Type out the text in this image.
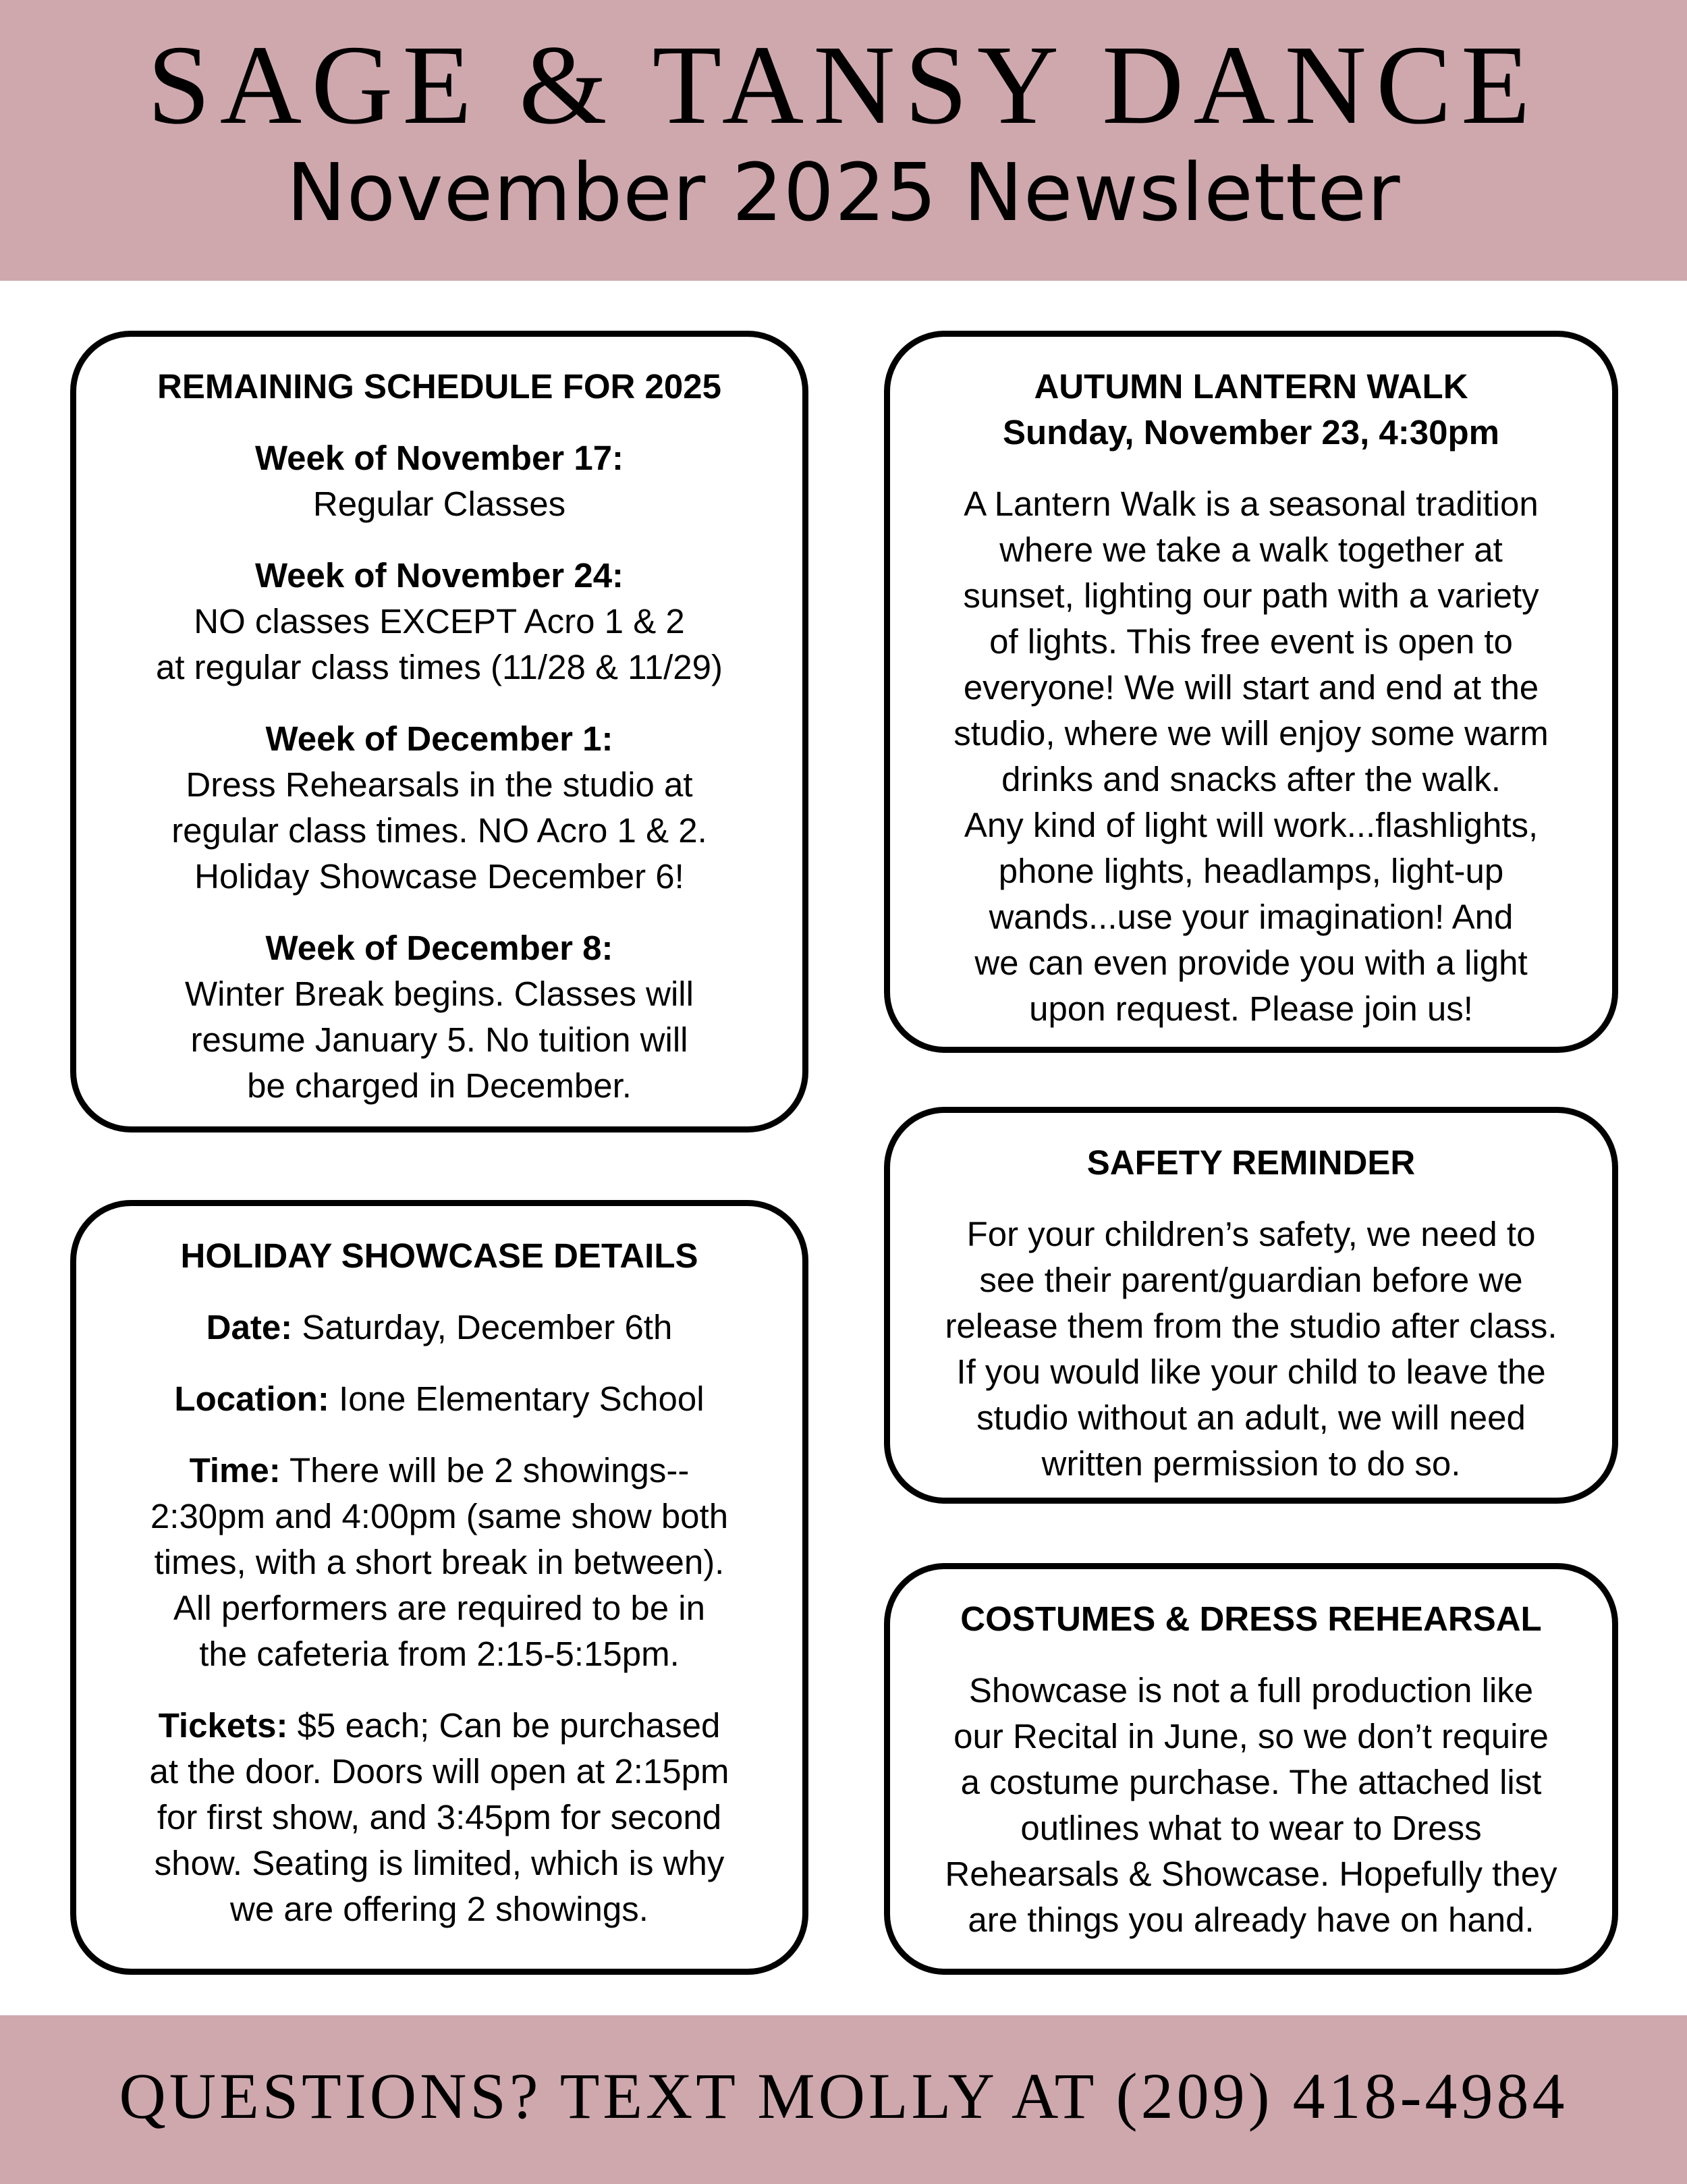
SAGE & TANSY DANCE
November 2025 Newsletter
REMAINING SCHEDULE FOR 2025

Week of November 17:

Regular Classes

Week of November 24:

NO classes EXCEPT Acro 1 & 2

at regular class times (11/28 & 11/29)

Week of December 1:

Dress Rehearsals in the studio at

regular class times. NO Acro 1 & 2.

Holiday Showcase December 6!

Week of December 8:

Winter Break begins. Classes will

resume January 5. No tuition will

be charged in December.

AUTUMN LANTERN WALK
Sunday, November 23, 4:30pm

A Lantern Walk is a seasonal tradition

where we take a walk together at

sunset, lighting our path with a variety

of lights. This free event is open to

everyone! We will start and end at the

studio, where we will enjoy some warm

drinks and snacks after the walk.

Any kind of light will work...flashlights,

phone lights, headlamps, light-up

wands...use your imagination! And

we can even provide you with a light

upon request. Please join us!

SAFETY REMINDER

For your children’s safety, we need to

see their parent/guardian before we

release them from the studio after class.

If you would like your child to leave the

studio without an adult, we will need

written permission to do so.

HOLIDAY SHOWCASE DETAILS

Date: Saturday, December 6th

Location: Ione Elementary School

Time: There will be 2 showings--

2:30pm and 4:00pm (same show both

times, with a short break in between).

All performers are required to be in

the cafeteria from 2:15-5:15pm.

Tickets: $5 each; Can be purchased

at the door. Doors will open at 2:15pm

for first show, and 3:45pm for second

show. Seating is limited, which is why

we are offering 2 showings.

COSTUMES & DRESS REHEARSAL

Showcase is not a full production like

our Recital in June, so we don’t require

a costume purchase. The attached list

outlines what to wear to Dress

Rehearsals & Showcase. Hopefully they

are things you already have on hand.

QUESTIONS? TEXT MOLLY AT (209) 418-4984
